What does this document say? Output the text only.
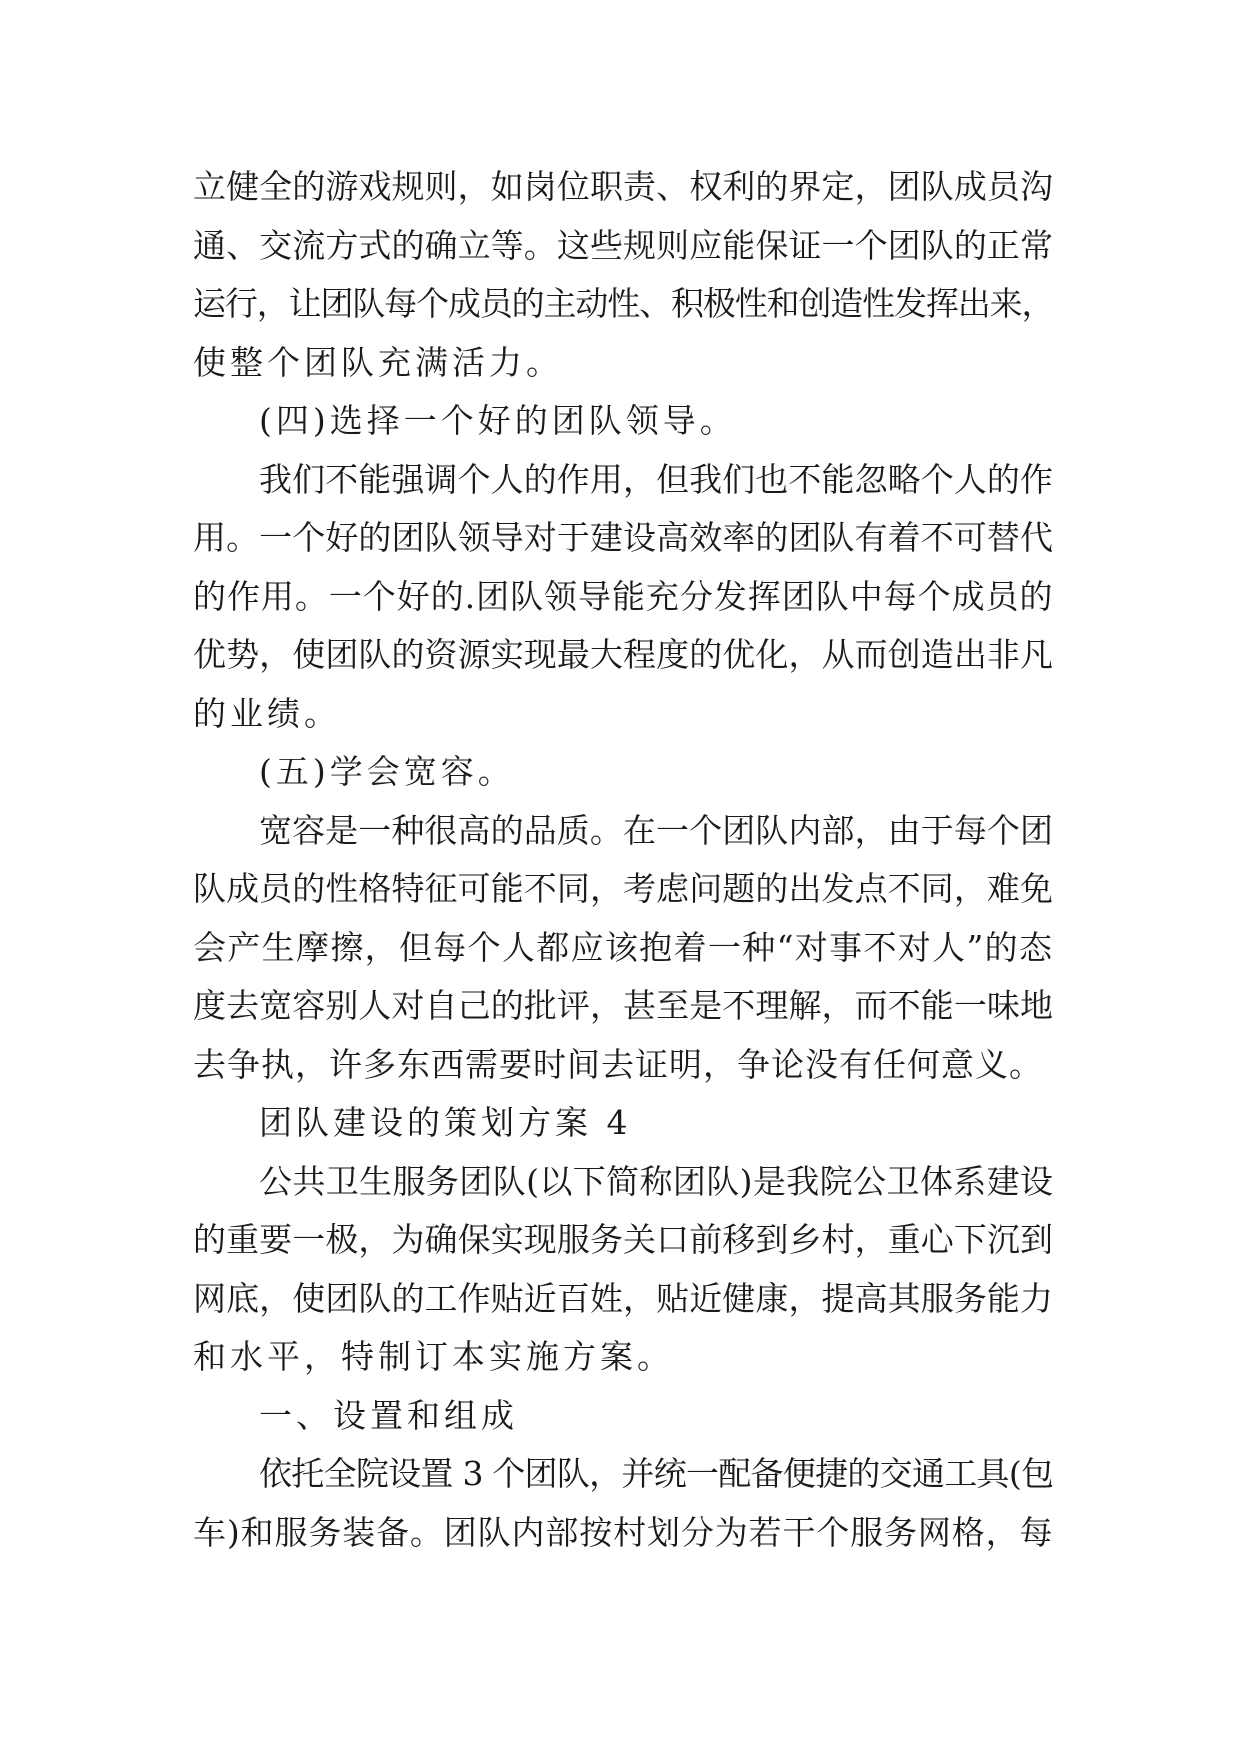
立健全的游戏规则，如岗位职责、权利的界定，团队成员沟
通、交流方式的确立等。这些规则应能保证一个团队的正常
运行，让团队每个成员的主动性、积极性和创造性发挥出来，
使整个团队充满活力。
(四)选择一个好的团队领导。
我们不能强调个人的作用，但我们也不能忽略个人的作
用。一个好的团队领导对于建设高效率的团队有着不可替代
的作用。一个好的.团队领导能充分发挥团队中每个成员的
优势，使团队的资源实现最大程度的优化，从而创造出非凡
的业绩。
(五)学会宽容。
宽容是一种很高的品质。在一个团队内部，由于每个团
队成员的性格特征可能不同，考虑问题的出发点不同，难免
会产生摩擦，但每个人都应该抱着一种“对事不对人”的态
度去宽容别人对自己的批评，甚至是不理解，而不能一味地
去争执，许多东西需要时间去证明，争论没有任何意义。
团队建设的策划方案 4
公共卫生服务团队(以下简称团队)是我院公卫体系建设
的重要一极，为确保实现服务关口前移到乡村，重心下沉到
网底，使团队的工作贴近百姓，贴近健康，提高其服务能力
和水平，特制订本实施方案。
一、设置和组成
依托全院设置 3 个团队，并统一配备便捷的交通工具(包
车)和服务装备。团队内部按村划分为若干个服务网格，每
